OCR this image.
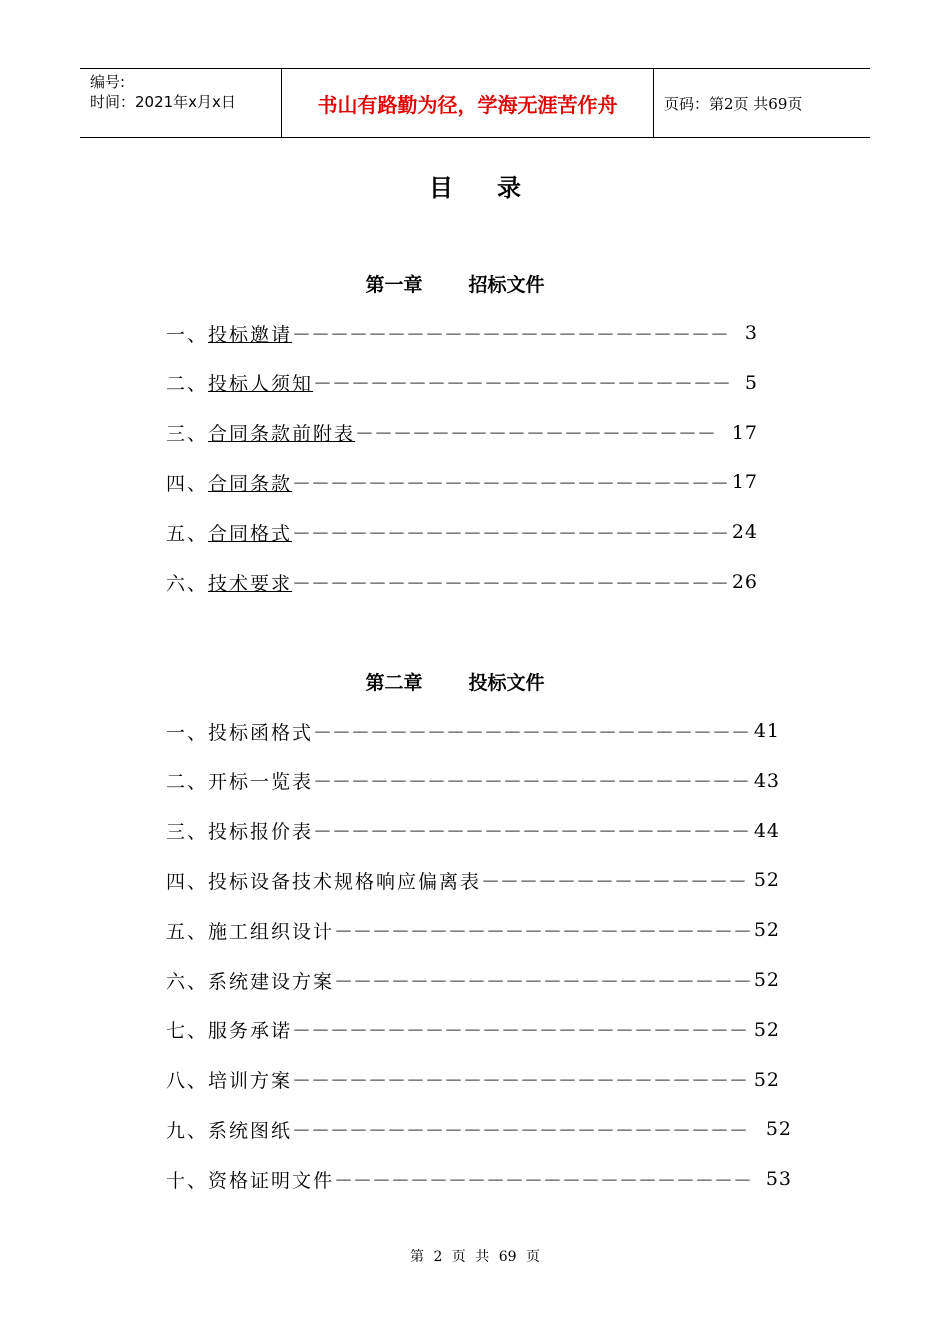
编号:
时间：2021年x月x日	书山有路勤为径，学海无涯苦作舟	页码：第2页 共69页
目录
第一章 招标文件
一、 投标邀请 －－－－－－－－－－－－－－－－－－－－－－－ 3
二、 投标人须知 －－－－－－－－－－－－－－－－－－－－－－ 5
三、 合同条款前附表 －－－－－－－－－－－－－－－－－－－ 17
四、 合同条款 －－－－－－－－－－－－－－－－－－－－－－－ 17
五、 合同格式 －－－－－－－－－－－－－－－－－－－－－－－ 24
六、 技术要求 －－－－－－－－－－－－－－－－－－－－－－－ 26
第二章 投标文件
一、 投标函格式 －－－－－－－－－－－－－－－－－－－－－－－ 41
二、 开标一览表 －－－－－－－－－－－－－－－－－－－－－－－ 43
三、 投标报价表 －－－－－－－－－－－－－－－－－－－－－－－ 44
四、 投标设备技术规格响应偏离表 －－－－－－－－－－－－－－ 52
五、 施工组织设计 －－－－－－－－－－－－－－－－－－－－－－ 52
六、 系统建设方案 －－－－－－－－－－－－－－－－－－－－－－ 52
七、 服务承诺 －－－－－－－－－－－－－－－－－－－－－－－－ 52
八、 培训方案 －－－－－－－－－－－－－－－－－－－－－－－－ 52
九、 系统图纸 －－－－－－－－－－－－－－－－－－－－－－－－ 52
十、 资格证明文件 －－－－－－－－－－－－－－－－－－－－－－ 53
第 2 页 共 69 页
